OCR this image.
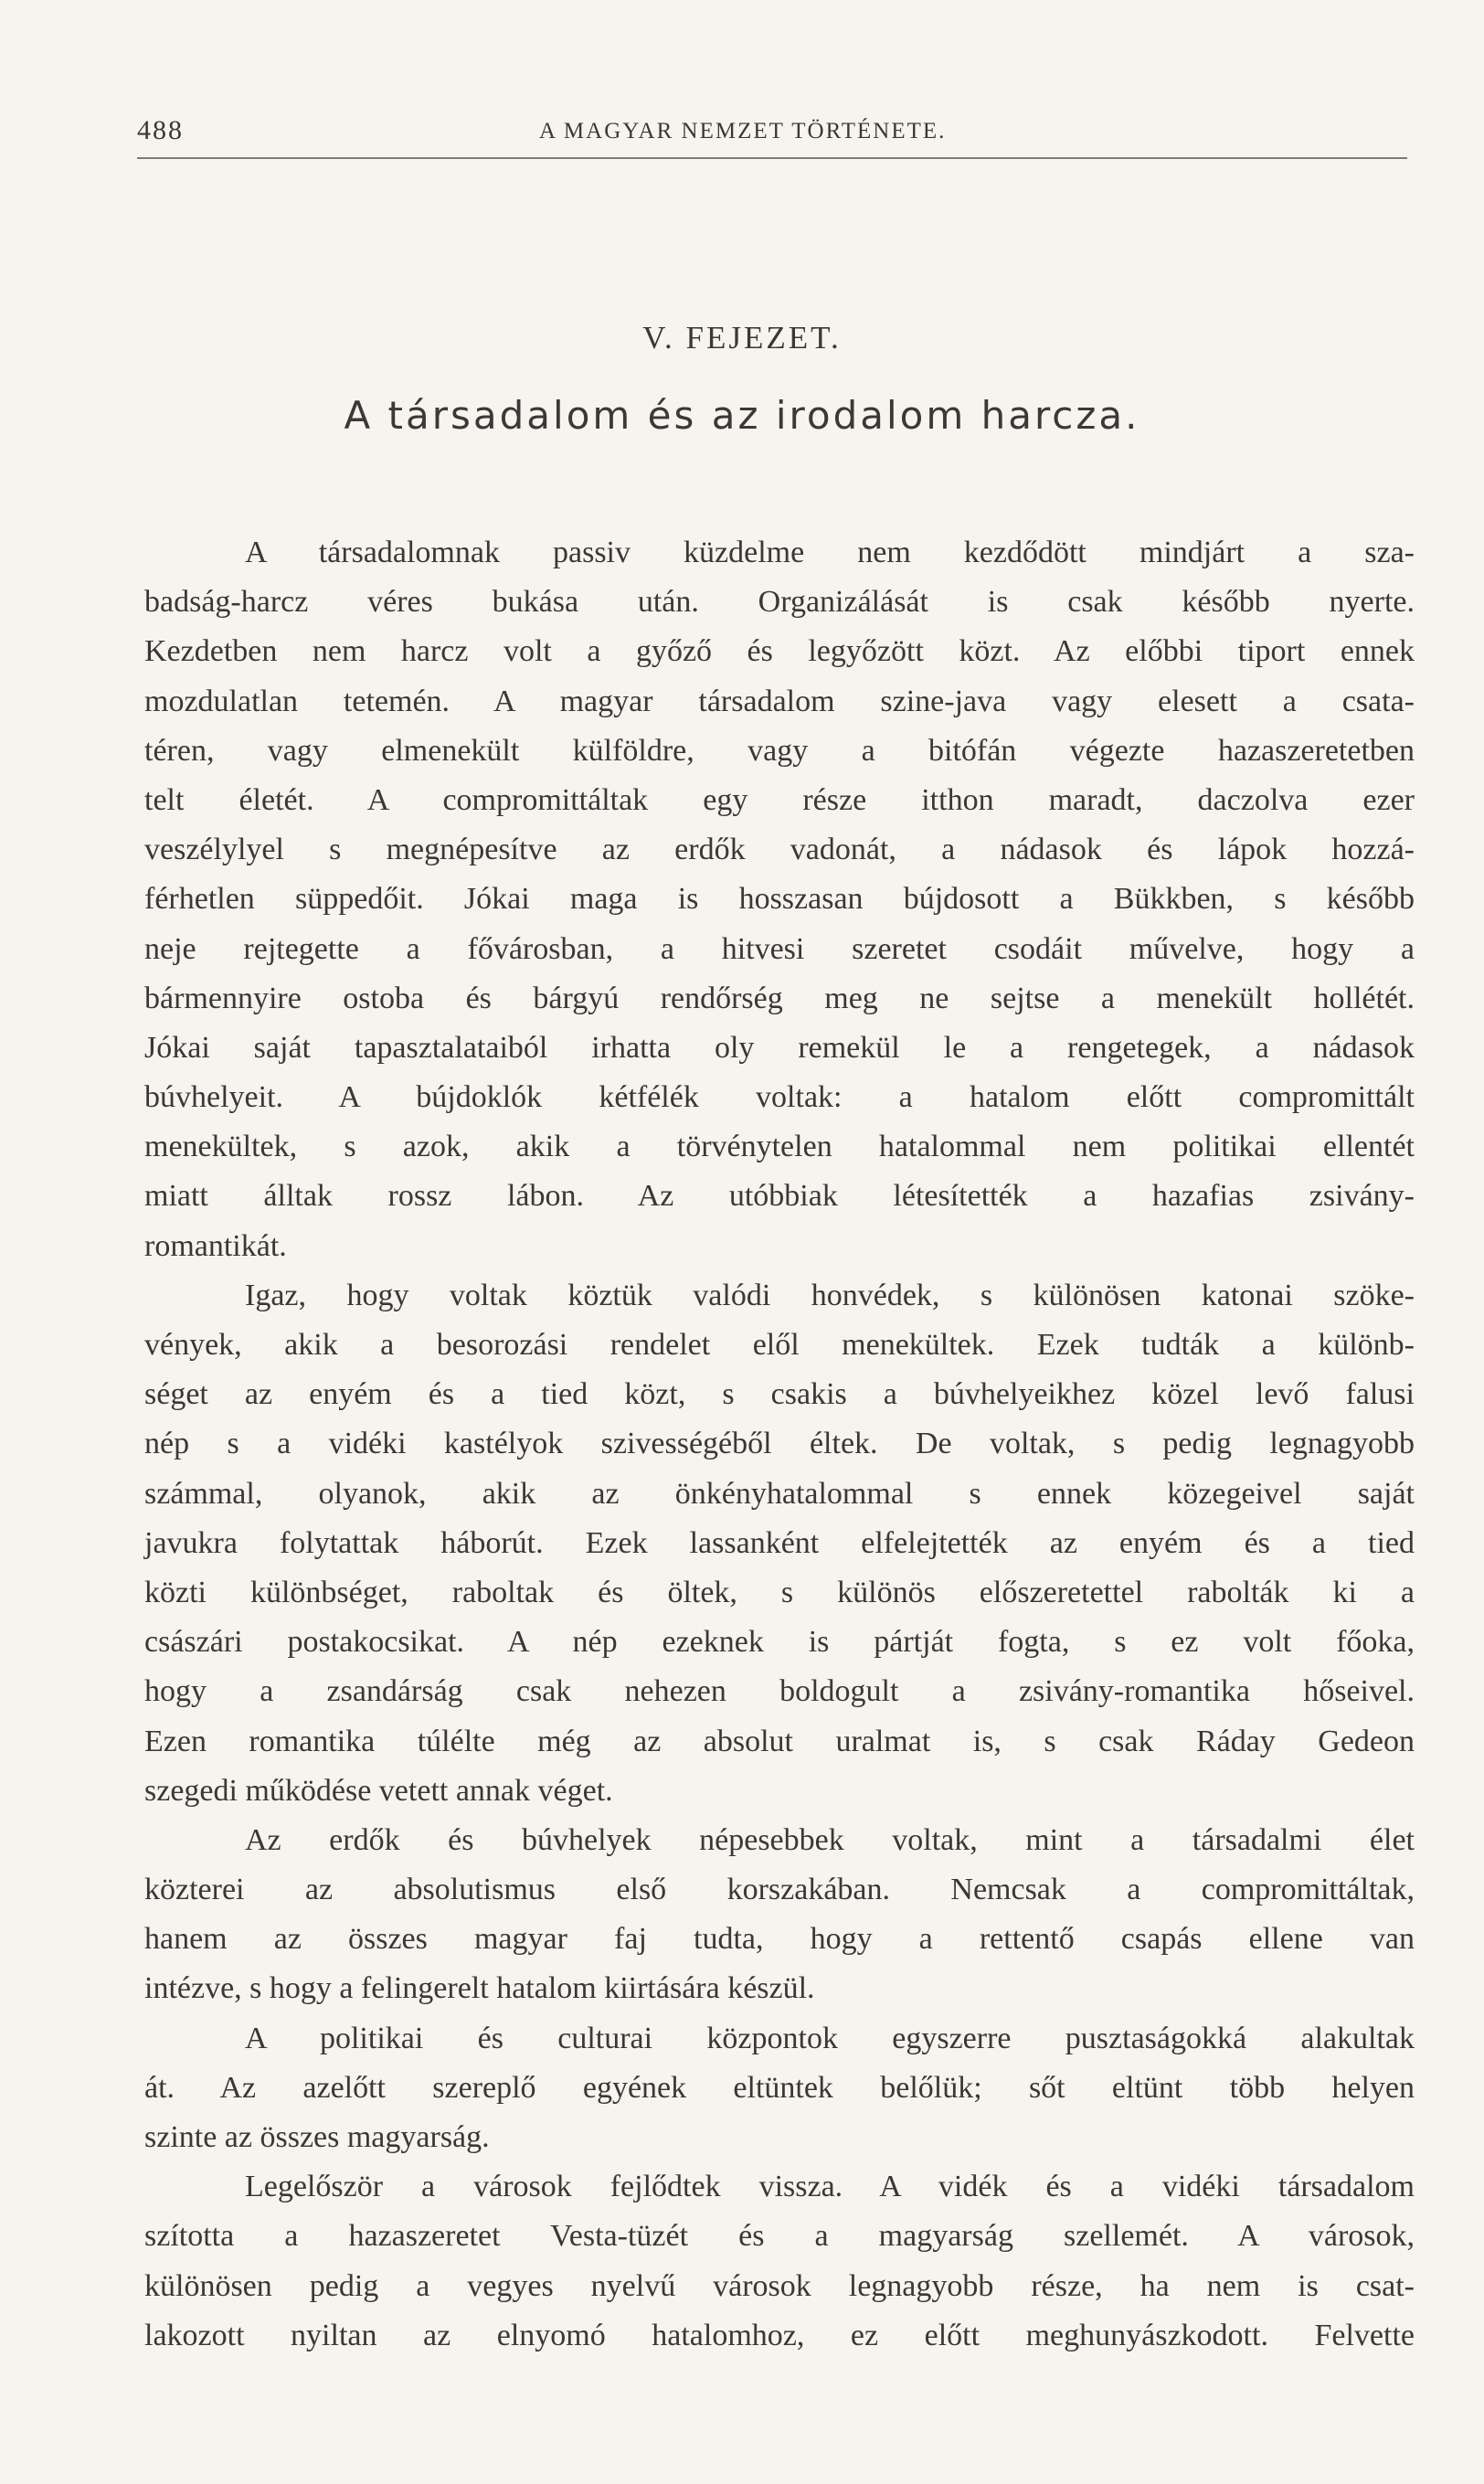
488	A MAGYAR NEMZET TÖRTÉNETE.
V. FEJEZET.
A társadalom és az irodalom harcza.
A társadalomnak passiv küzdelme nem kezdődött mindjárt a sza-
badság-harcz véres bukása után. Organizálását is csak később nyerte.
Kezdetben nem harcz volt a győző és legyőzött közt. Az előbbi tiport ennek
mozdulatlan tetemén. A magyar társadalom szine-java vagy elesett a csata-
téren, vagy elmenekült külföldre, vagy a bitófán végezte hazaszeretetben
telt életét. A compromittáltak egy része itthon maradt, daczolva ezer
veszélylyel s megnépesítve az erdők vadonát, a nádasok és lápok hozzá-
férhetlen süppedőit. Jókai maga is hosszasan bújdosott a Bükkben, s később
neje rejtegette a fővárosban, a hitvesi szeretet csodáit művelve, hogy a
bármennyire ostoba és bárgyú rendőrség meg ne sejtse a menekült hollétét.
Jókai saját tapasztalataiból irhatta oly remekül le a rengetegek, a nádasok
búvhelyeit. A bújdoklók kétfélék voltak: a hatalom előtt compromittált
menekültek, s azok, akik a törvénytelen hatalommal nem politikai ellentét
miatt álltak rossz lábon. Az utóbbiak létesítették a hazafias zsivány-
romantikát.
Igaz, hogy voltak köztük valódi honvédek, s különösen katonai szöke-
vények, akik a besorozási rendelet elől menekültek. Ezek tudták a különb-
séget az enyém és a tied közt, s csakis a búvhelyeikhez közel levő falusi
nép s a vidéki kastélyok szivességéből éltek. De voltak, s pedig legnagyobb
számmal, olyanok, akik az önkényhatalommal s ennek közegeivel saját
javukra folytattak háborút. Ezek lassanként elfelejtették az enyém és a tied
közti különbséget, raboltak és öltek, s különös előszeretettel rabolták ki a
császári postakocsikat. A nép ezeknek is pártját fogta, s ez volt főoka,
hogy a zsandárság csak nehezen boldogult a zsivány-romantika hőseivel.
Ezen romantika túlélte még az absolut uralmat is, s csak Ráday Gedeon
szegedi működése vetett annak véget.
Az erdők és búvhelyek népesebbek voltak, mint a társadalmi élet
közterei az absolutismus első korszakában. Nemcsak a compromittáltak,
hanem az összes magyar faj tudta, hogy a rettentő csapás ellene van
intézve, s hogy a felingerelt hatalom kiirtására készül.
A politikai és culturai központok egyszerre pusztaságokká alakultak
át. Az azelőtt szereplő egyének eltüntek belőlük; sőt eltünt több helyen
szinte az összes magyarság.
Legelőször a városok fejlődtek vissza. A vidék és a vidéki társadalom
szította a hazaszeretet Vesta-tüzét és a magyarság szellemét. A városok,
különösen pedig a vegyes nyelvű városok legnagyobb része, ha nem is csat-
lakozott nyiltan az elnyomó hatalomhoz, ez előtt meghunyászkodott. Felvette
